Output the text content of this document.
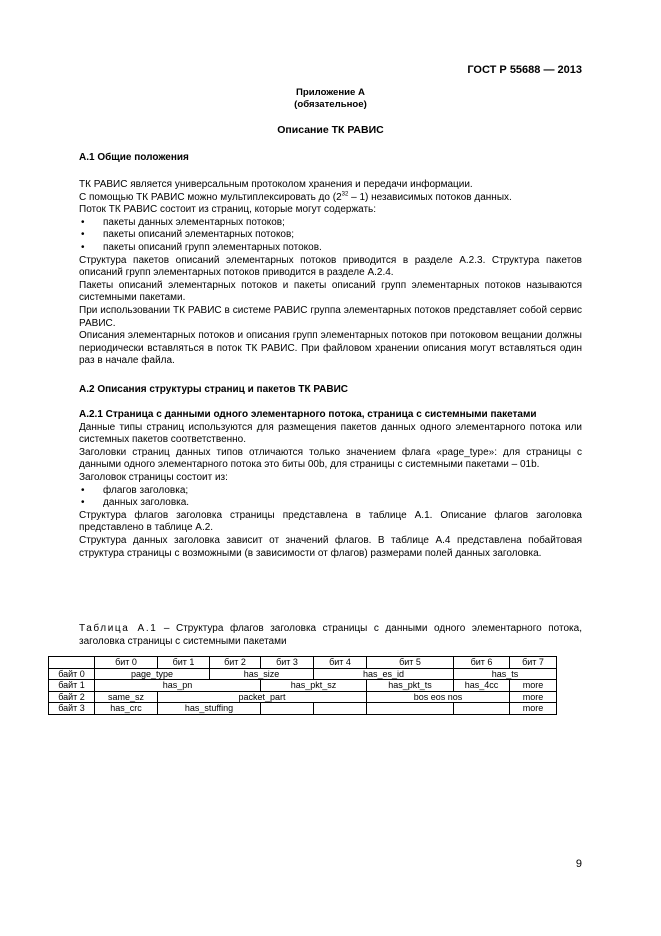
ГОСТ Р 55688 — 2013
Приложение А
(обязательное)
Описание ТК РАВИС
А.1 Общие положения

ТК РАВИС является универсальным протоколом хранения и передачи информации.

С помощью ТК РАВИС можно мультиплексировать до $(2^{32} - 1)$ независимых потоков данных.

Поток ТК РАВИС состоит из страниц, которые могут содержать:

• пакеты данных элементарных потоков;
• пакеты описаний элементарных потоков;
• пакеты описаний групп элементарных потоков.

Структура пакетов описаний элементарных потоков приводится в разделе А.2.3. Структура пакетов описаний групп элементарных потоков приводится в разделе А.2.4.

Пакеты описаний элементарных потоков и пакеты описаний групп элементарных потоков называются системными пакетами.

При использовании ТК РАВИС в системе РАВИС группа элементарных потоков представляет собой сервис РАВИС.

Описания элементарных потоков и описания групп элементарных потоков при потоковом вещании должны периодически вставляться в поток ТК РАВИС. При файловом хранении описания могут вставляться один раз в начале файла.

А.2 Описания структуры страниц и пакетов ТК РАВИС

А.2.1 Страница с данными одного элементарного потока, страница с системными пакетами

Данные типы страниц используются для размещения пакетов данных одного элементарного потока или системных пакетов соответственно.

Заголовки страниц данных типов отличаются только значением флага «page_type»: для страницы с данными одного элементарного потока это биты 00b, для страницы с системными пакетами – 01b.

Заголовок страницы состоит из:

• флагов заголовка;
• данных заголовка.

Структура флагов заголовка страницы представлена в таблице А.1. Описание флагов заголовка представлено в таблице А.2.

Структура данных заголовка зависит от значений флагов. В таблице А.4 представлена побайтовая структура страницы с возможными (в зависимости от флагов) размерами полей данных заголовка.

Таблица А.1 – Структура флагов заголовка страницы с данными одного элементарного потока, заголовка страницы с системными пакетами
	бит 0	бит 1	бит 2	бит 3	бит 4	бит 5	бит 6	бит 7
байт 0	page_type		has_size		has_es_id		has_ts	
байт 1	has_pn			has_pkt_sz		has_pkt_ts	has_4cc	more
байт 2	same_sz	packet_part				bos eos nos		more
байт 3	has_crc	has_stuffing						more
9
